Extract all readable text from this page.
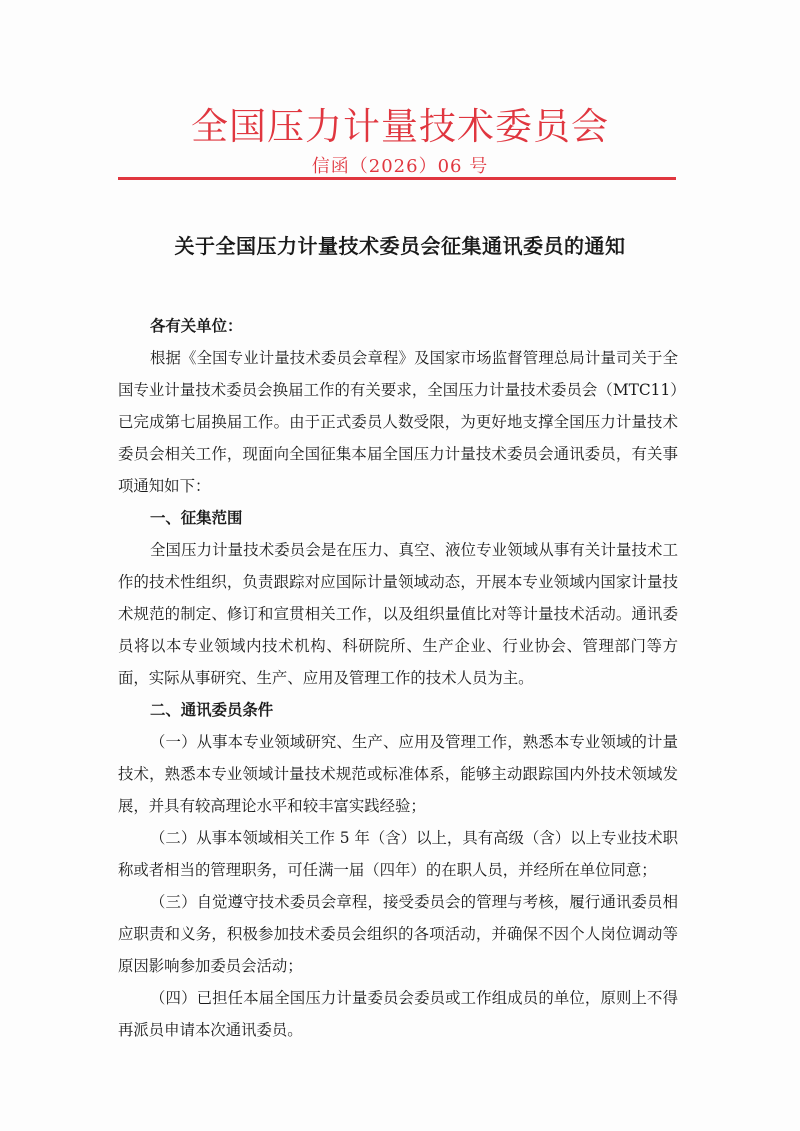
全国压力计量技术委员会
信函（2026）06 号
关于全国压力计量技术委员会征集通讯委员的通知

各有关单位：

根据《全国专业计量技术委员会章程》及国家市场监督管理总局计量司关于全国专业计量技术委员会换届工作的有关要求，全国压力计量技术委员会（MTC11）已完成第七届换届工作。由于正式委员人数受限，为更好地支撑全国压力计量技术委员会相关工作，现面向全国征集本届全国压力计量技术委员会通讯委员，有关事项通知如下：

一、征集范围

全国压力计量技术委员会是在压力、真空、液位专业领域从事有关计量技术工作的技术性组织，负责跟踪对应国际计量领域动态，开展本专业领域内国家计量技术规范的制定、修订和宣贯相关工作，以及组织量值比对等计量技术活动。通讯委员将以本专业领域内技术机构、科研院所、生产企业、行业协会、管理部门等方面，实际从事研究、生产、应用及管理工作的技术人员为主。

二、通讯委员条件

（一）从事本专业领域研究、生产、应用及管理工作，熟悉本专业领域的计量技术，熟悉本专业领域计量技术规范或标准体系，能够主动跟踪国内外技术领域发展，并具有较高理论水平和较丰富实践经验；

（二）从事本领域相关工作 5 年（含）以上，具有高级（含）以上专业技术职称或者相当的管理职务，可任满一届（四年）的在职人员，并经所在单位同意；

（三）自觉遵守技术委员会章程，接受委员会的管理与考核，履行通讯委员相应职责和义务，积极参加技术委员会组织的各项活动，并确保不因个人岗位调动等原因影响参加委员会活动；

（四）已担任本届全国压力计量委员会委员或工作组成员的单位，原则上不得再派员申请本次通讯委员。
